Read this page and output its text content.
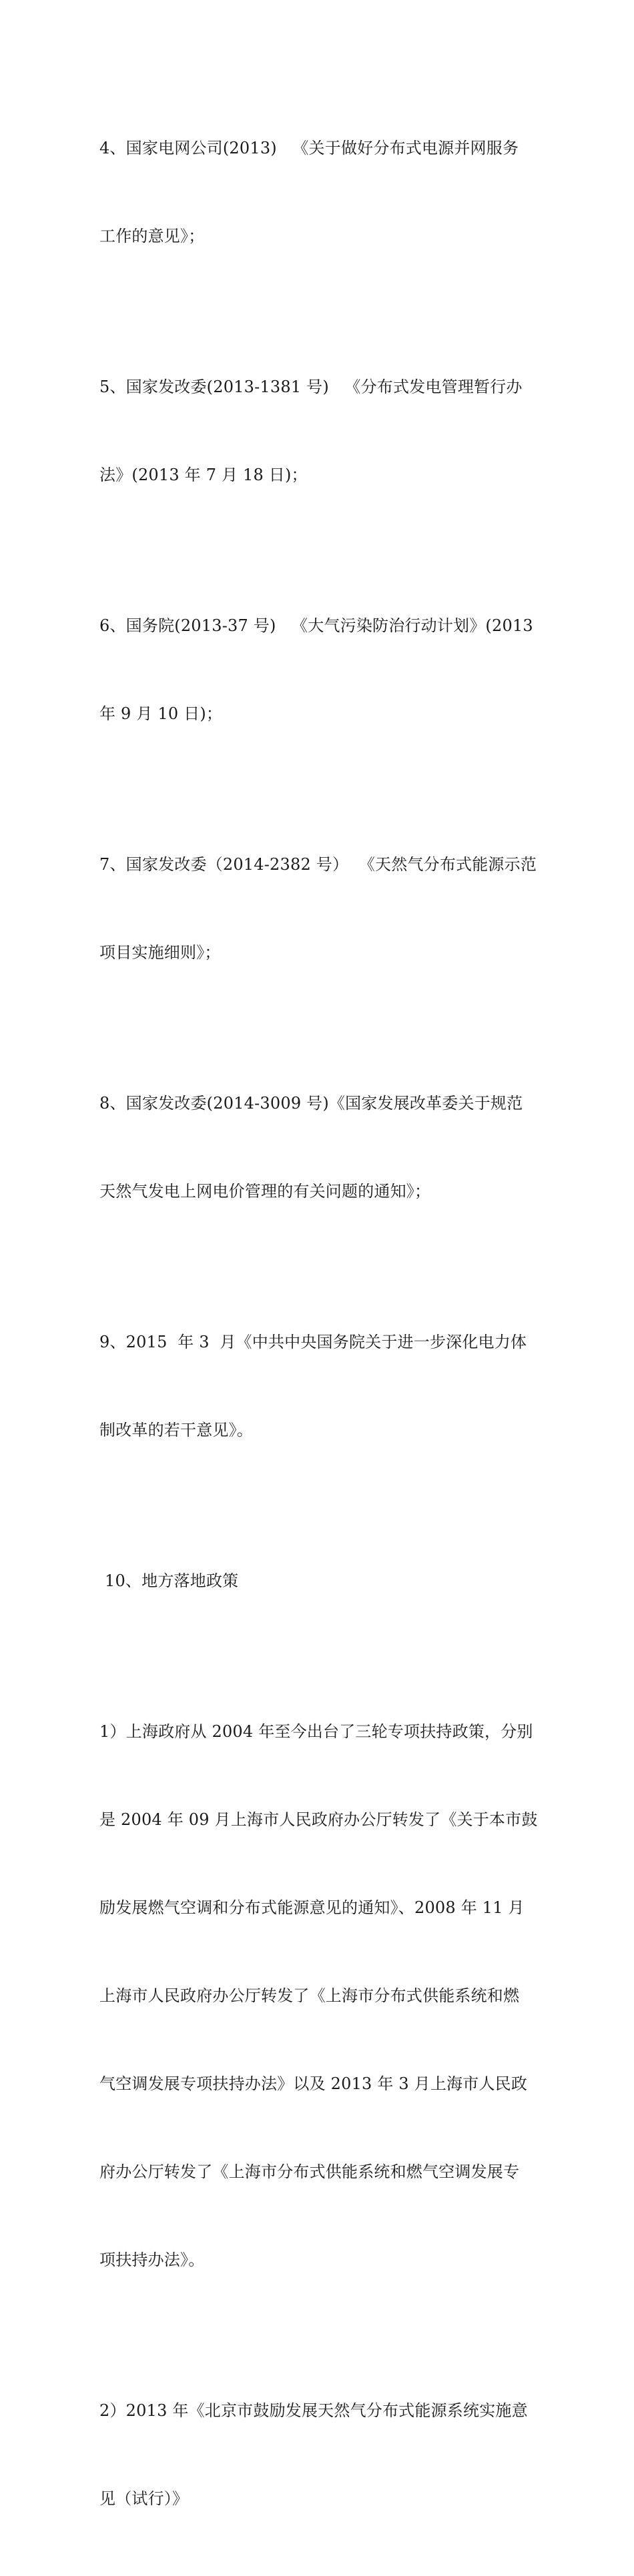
4、国家电网公司(2013)   《关于做好分布式电源并网服务

工作的意见》；

5、国家发改委(2013-1381 号)   《分布式发电管理暂行办

法》(2013 年 7 月 18 日)；

6、国务院(2013-37 号)   《大气污染防治行动计划》(2013

年 9 月 10 日)；

7、国家发改委（2014-2382 号）  《天然气分布式能源示范

项目实施细则》；

8、国家发改委(2014-3009 号)《国家发展改革委关于规范

天然气发电上网电价管理的有关问题的通知》；

9、2015  年 3  月《中共中央国务院关于进一步深化电力体

制改革的若干意见》。

10、地方落地政策

1）上海政府从 2004 年至今出台了三轮专项扶持政策，分别

是 2004 年 09 月上海市人民政府办公厅转发了《关于本市鼓

励发展燃气空调和分布式能源意见的通知》、2008 年 11 月

上海市人民政府办公厅转发了《上海市分布式供能系统和燃

气空调发展专项扶持办法》以及 2013 年 3 月上海市人民政

府办公厅转发了《上海市分布式供能系统和燃气空调发展专

项扶持办法》。

2）2013 年《北京市鼓励发展天然气分布式能源系统实施意

见（试行）》
